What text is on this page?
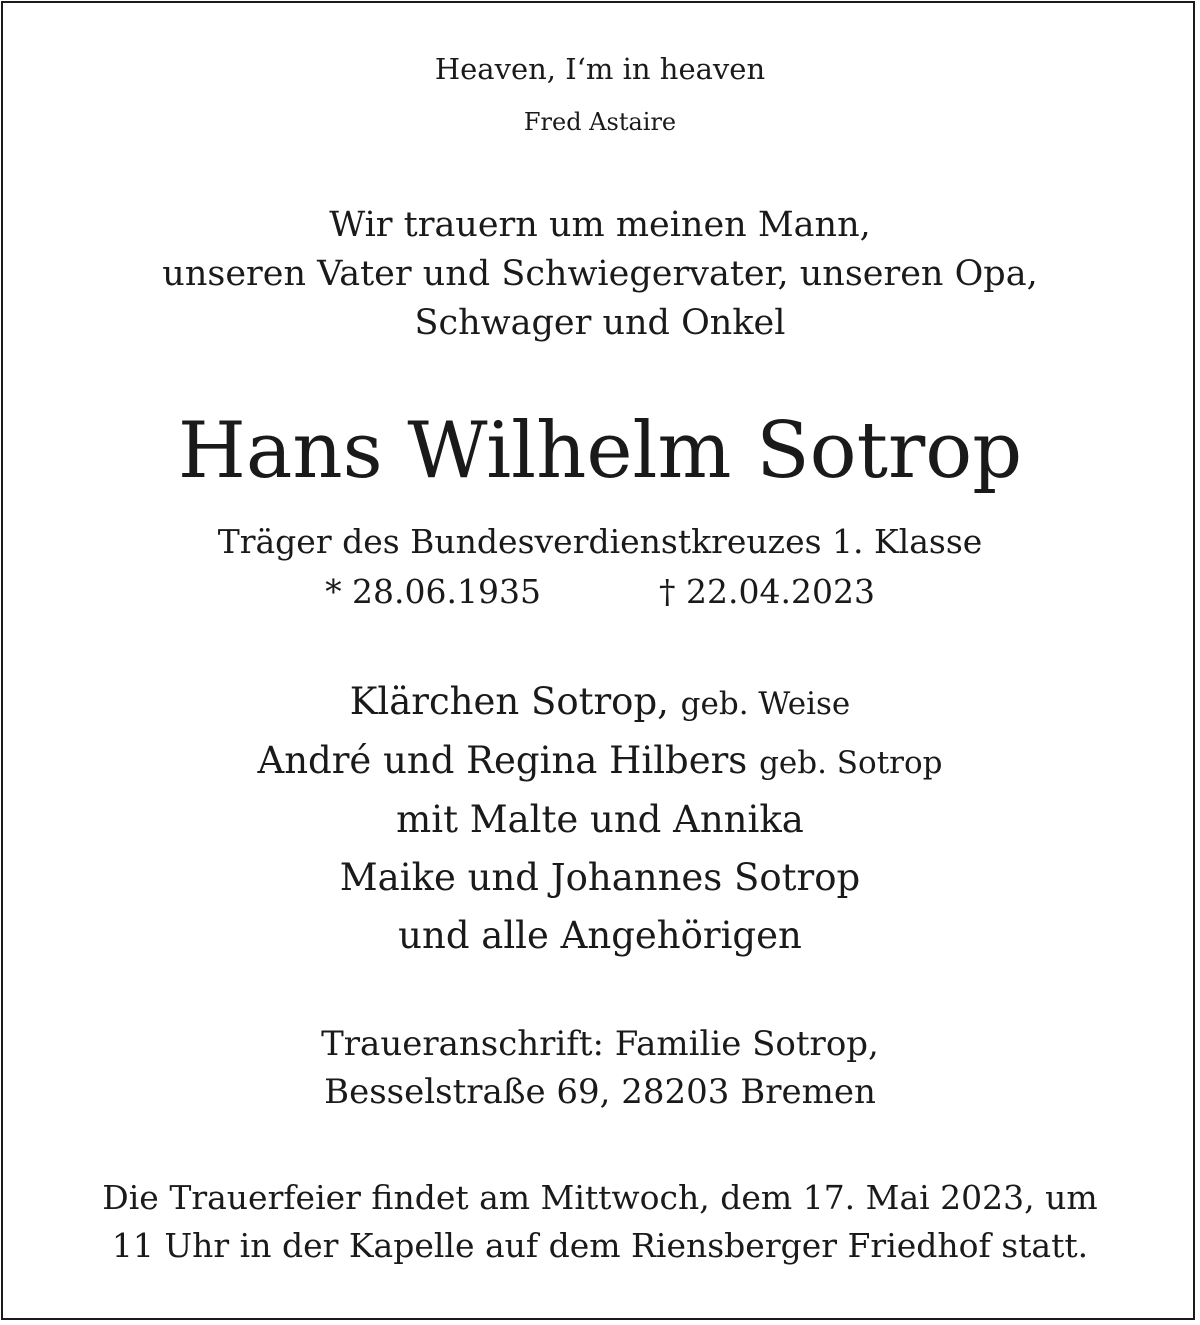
Heaven, I‘m in heaven
Fred Astaire
Wir trauern um meinen Mann,
unseren Vater und Schwiegervater, unseren Opa,
Schwager und Onkel
Hans Wilhelm Sotrop
Träger des Bundesverdienstkreuzes 1. Klasse
* 28.06.1935	† 22.04.2023
Klärchen Sotrop, geb. Weise
André und Regina Hilbers geb. Sotrop
mit Malte und Annika
Maike und Johannes Sotrop
und alle Angehörigen
Traueranschrift: Familie Sotrop,
Besselstraße 69, 28203 Bremen
Die Trauerfeier findet am Mittwoch, dem 17. Mai 2023, um
11 Uhr in der Kapelle auf dem Riensberger Friedhof statt.
